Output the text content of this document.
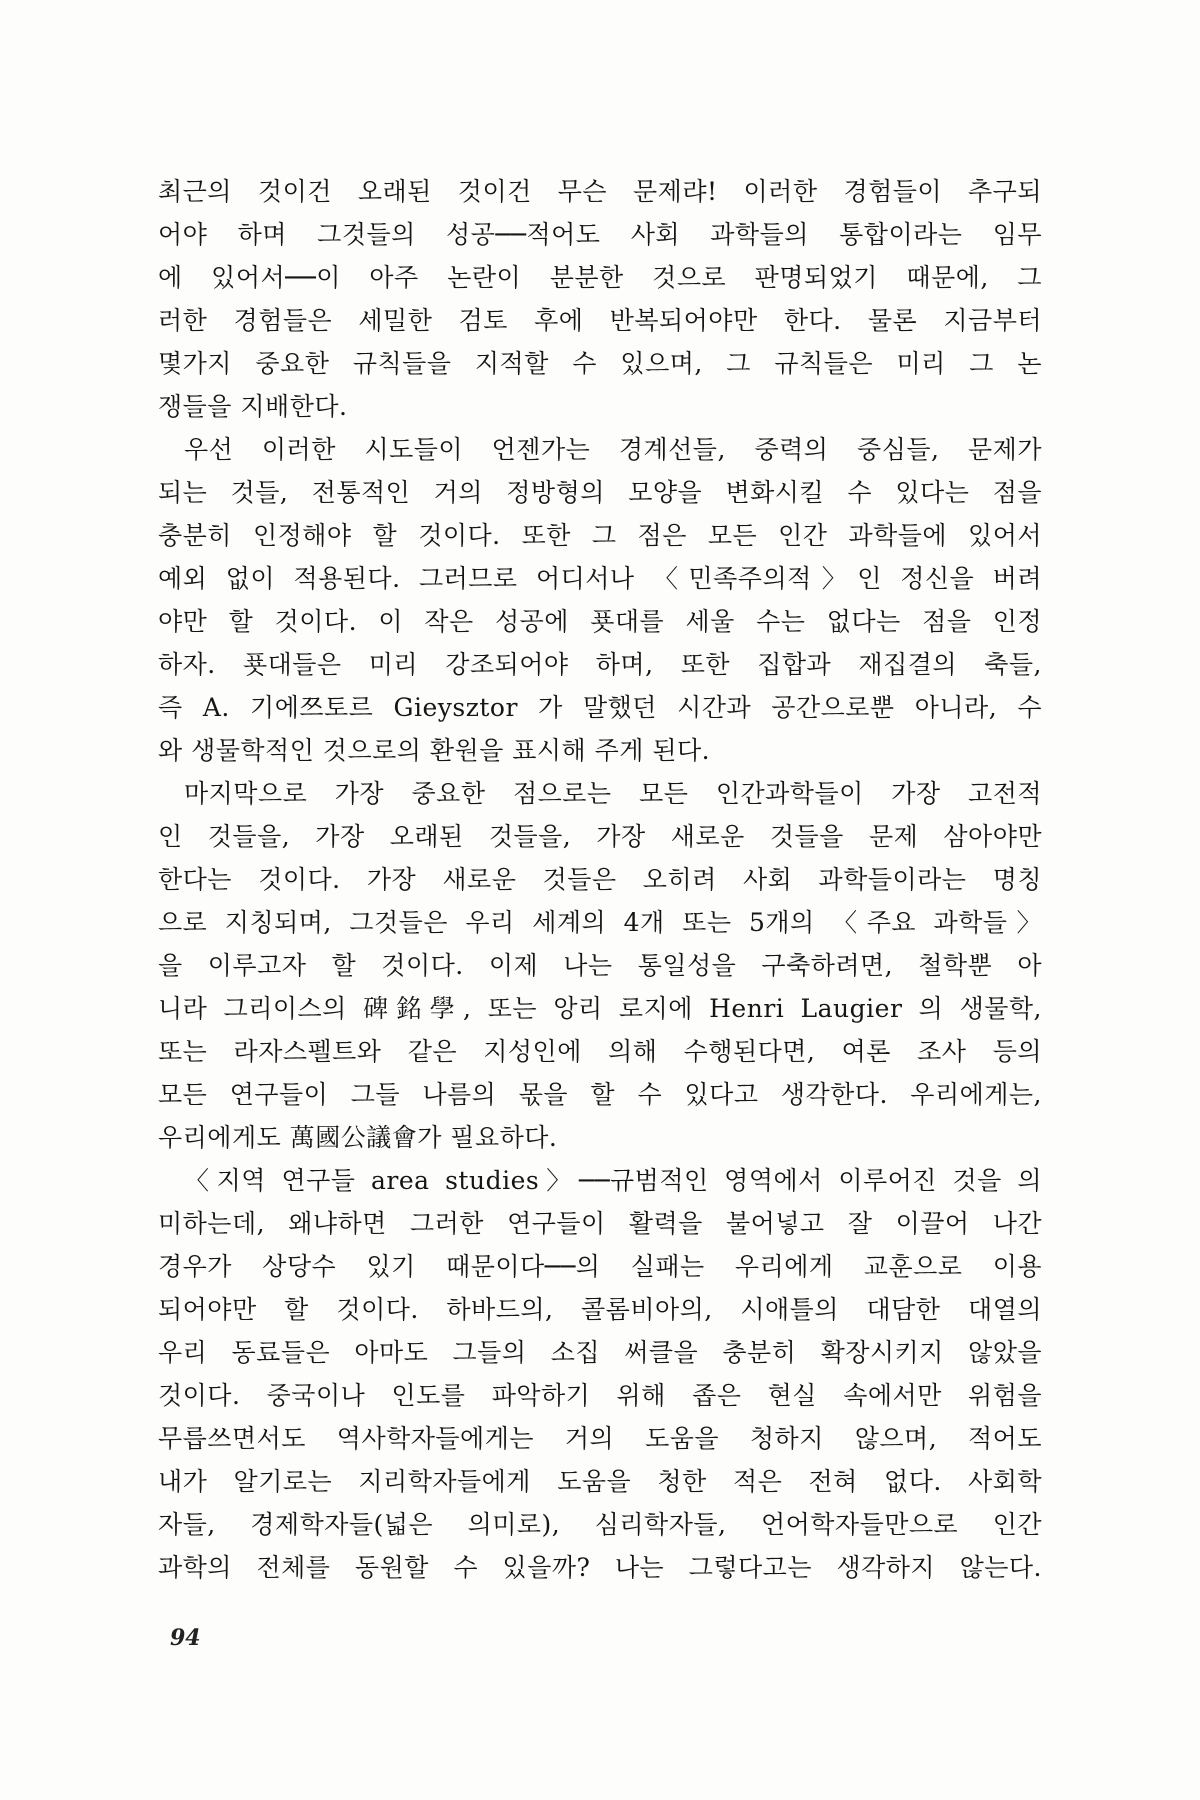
최근의 것이건 오래된 것이건 무슨 문제랴! 이러한 경험들이 추구되
어야 하며 그것들의 성공──적어도 사회 과학들의 통합이라는 임무
에 있어서──이 아주 논란이 분분한 것으로 판명되었기 때문에, 그
러한 경험들은 세밀한 검토 후에 반복되어야만 한다. 물론 지금부터
몇가지 중요한 규칙들을 지적할 수 있으며, 그 규칙들은 미리 그 논
쟁들을 지배한다.
우선 이러한 시도들이 언젠가는 경계선들, 중력의 중심들, 문제가
되는 것들, 전통적인 거의 정방형의 모양을 변화시킬 수 있다는 점을
충분히 인정해야 할 것이다. 또한 그 점은 모든 인간 과학들에 있어서
예외 없이 적용된다. 그러므로 어디서나 〈민족주의적〉인 정신을 버려
야만 할 것이다. 이 작은 성공에 푯대를 세울 수는 없다는 점을 인정
하자. 푯대들은 미리 강조되어야 하며, 또한 집합과 재집결의 축들,
즉 A. 기에쯔토르 Gieysztor 가 말했던 시간과 공간으로뿐 아니라, 수
와 생물학적인 것으로의 환원을 표시해 주게 된다.
마지막으로 가장 중요한 점으로는 모든 인간과학들이 가장 고전적
인 것들을, 가장 오래된 것들을, 가장 새로운 것들을 문제 삼아야만
한다는 것이다. 가장 새로운 것들은 오히려 사회 과학들이라는 명칭
으로 지칭되며, 그것들은 우리 세계의 4개 또는 5개의 〈주요 과학들〉
을 이루고자 할 것이다. 이제 나는 통일성을 구축하려면, 철학뿐 아
니라 그리이스의 碑銘學, 또는 앙리 로지에 Henri Laugier 의 생물학,
또는 라자스펠트와 같은 지성인에 의해 수행된다면, 여론 조사 등의
모든 연구들이 그들 나름의 몫을 할 수 있다고 생각한다. 우리에게는,
우리에게도 萬國公議會가 필요하다.
〈지역 연구들 area studies〉──규범적인 영역에서 이루어진 것을 의
미하는데, 왜냐하면 그러한 연구들이 활력을 불어넣고 잘 이끌어 나간
경우가 상당수 있기 때문이다──의 실패는 우리에게 교훈으로 이용
되어야만 할 것이다. 하바드의, 콜롬비아의, 시애틀의 대담한 대열의
우리 동료들은 아마도 그들의 소집 써클을 충분히 확장시키지 않았을
것이다. 중국이나 인도를 파악하기 위해 좁은 현실 속에서만 위험을
무릅쓰면서도 역사학자들에게는 거의 도움을 청하지 않으며, 적어도
내가 알기로는 지리학자들에게 도움을 청한 적은 전혀 없다. 사회학
자들, 경제학자들(넓은 의미로), 심리학자들, 언어학자들만으로 인간
과학의 전체를 동원할 수 있을까? 나는 그렇다고는 생각하지 않는다.
94
